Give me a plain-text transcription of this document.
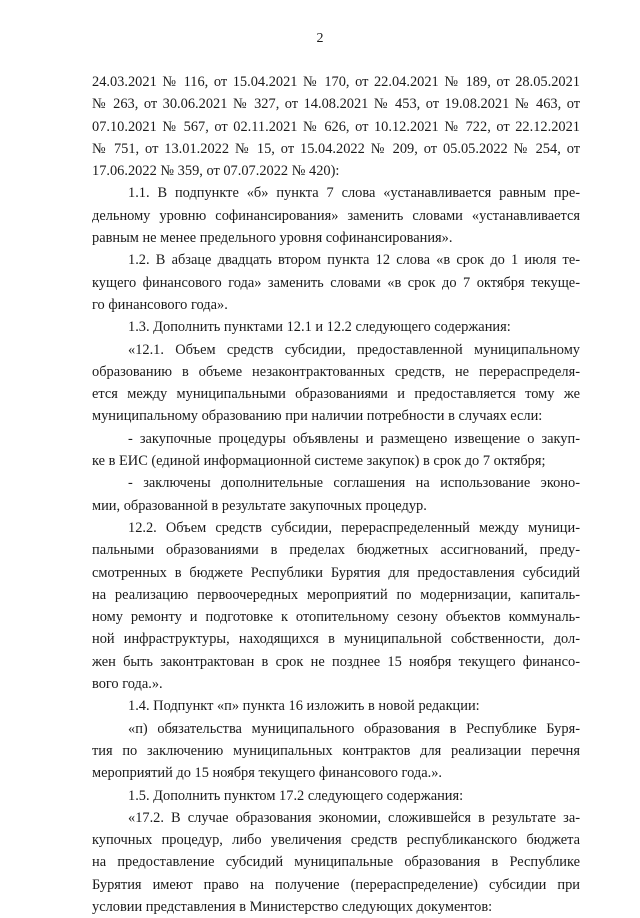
2
24.03.2021 № 116, от 15.04.2021 № 170, от 22.04.2021 № 189, от 28.05.2021
№ 263, от 30.06.2021 № 327, от 14.08.2021 № 453, от 19.08.2021 № 463, от
07.10.2021 № 567, от 02.11.2021 № 626, от 10.12.2021 № 722, от 22.12.2021
№ 751, от 13.01.2022 № 15, от 15.04.2022 № 209, от 05.05.2022 № 254, от
17.06.2022 № 359, от 07.07.2022 № 420):
1.1. В подпункте «б» пункта 7 слова «устанавливается равным пре-
дельному уровню софинансирования» заменить словами «устанавливается
равным не менее предельного уровня софинансирования».
1.2. В абзаце двадцать втором пункта 12 слова «в срок до 1 июля те-
кущего финансового года» заменить словами «в срок до 7 октября текуще-
го финансового года».
1.3. Дополнить пунктами 12.1 и 12.2 следующего содержания:
«12.1. Объем средств субсидии, предоставленной муниципальному
образованию в объеме незаконтрактованных средств, не перераспределя-
ется между муниципальными образованиями и предоставляется тому же
муниципальному образованию при наличии потребности в случаях если:
- закупочные процедуры объявлены и размещено извещение о закуп-
ке в ЕИС (единой информационной системе закупок) в срок до 7 октября;
- заключены дополнительные соглашения на использование эконо-
мии, образованной в результате закупочных процедур.
12.2. Объем средств субсидии, перераспределенный между муници-
пальными образованиями в пределах бюджетных ассигнований, преду-
смотренных в бюджете Республики Бурятия для предоставления субсидий
на реализацию первоочередных мероприятий по модернизации, капиталь-
ному ремонту и подготовке к отопительному сезону объектов коммуналь-
ной инфраструктуры, находящихся в муниципальной собственности, дол-
жен быть законтрактован в срок не позднее 15 ноября текущего финансо-
вого года.».
1.4. Подпункт «п» пункта 16 изложить в новой редакции:
«п) обязательства муниципального образования в Республике Буря-
тия по заключению муниципальных контрактов для реализации перечня
мероприятий до 15 ноября текущего финансового года.».
1.5. Дополнить пунктом 17.2 следующего содержания:
«17.2. В случае образования экономии, сложившейся в результате за-
купочных процедур, либо увеличения средств республиканского бюджета
на предоставление субсидий муниципальные образования в Республике
Бурятия имеют право на получение (перераспределение) субсидии при
условии представления в Министерство следующих документов:
